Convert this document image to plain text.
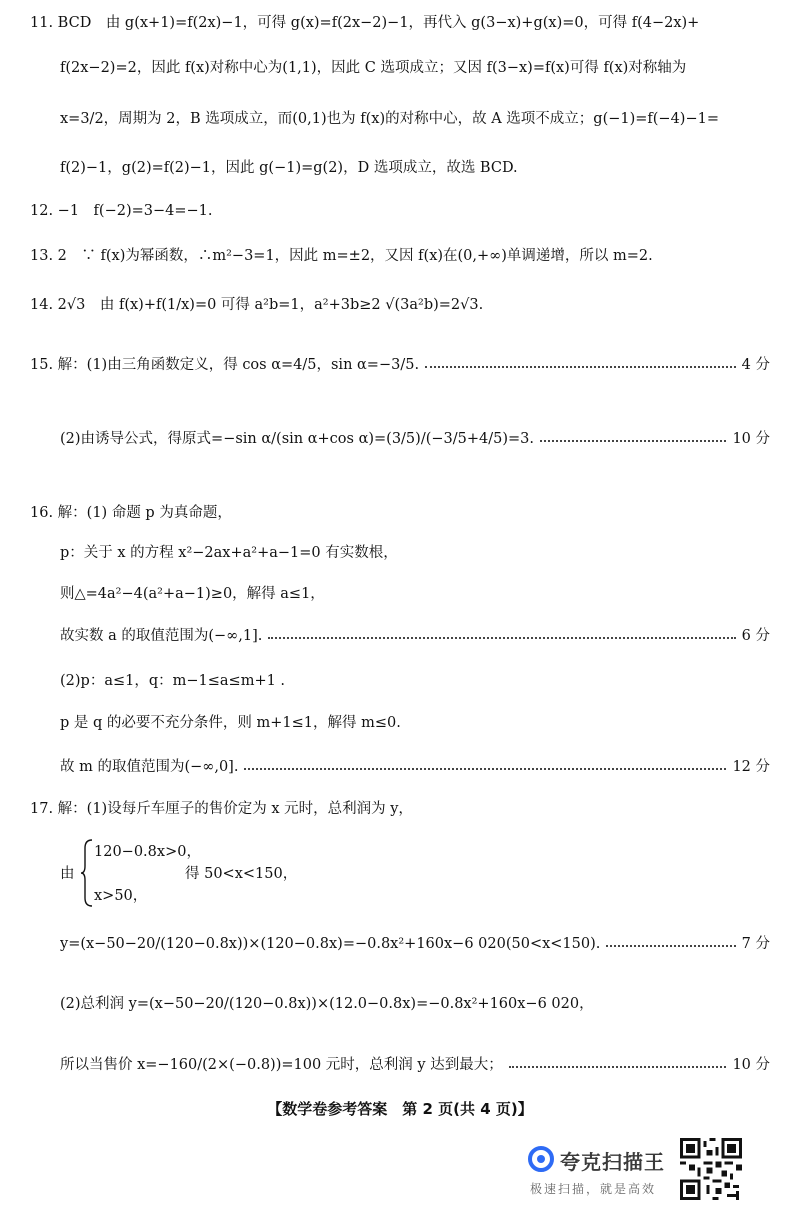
11. BCD　由 g(x+1)=f(2x)−1，可得 g(x)=f(2x−2)−1，再代入 g(3−x)+g(x)=0，可得 f(4−2x)+
f(2x−2)=2，因此 f(x)对称中心为(1,1)，因此 C 选项成立；又因 f(3−x)=f(x)可得 f(x)对称轴为
x=3/2，周期为 2，B 选项成立，而(0,1)也为 f(x)的对称中心，故 A 选项不成立；g(−1)=f(−4)−1=
f(2)−1，g(2)=f(2)−1，因此 g(−1)=g(2)，D 选项成立，故选 BCD.
12. −1　f(−2)=3−4=−1.
13. 2　∵ f(x)为幂函数，∴m²−3=1，因此 m=±2，又因 f(x)在(0,+∞)单调递增，所以 m=2.
14. 2√3　由 f(x)+f(1/x)=0 可得 a²b=1，a²+3b≥2 √(3a²b)=2√3.
15. 解：(1)由三角函数定义，得 cos α=4/5，sin α=−3/5.	4 分
(2)由诱导公式，得原式=−sin α/(sin α+cos α)=(3/5)/(−3/5+4/5)=3.	10 分
16. 解：(1) 命题 p 为真命题，
p：关于 x 的方程 x²−2ax+a²+a−1=0 有实数根，
则△=4a²−4(a²+a−1)≥0，解得 a≤1，
故实数 a 的取值范围为(−∞,1].	6 分
(2)p：a≤1，q：m−1≤a≤m+1 .
p 是 q 的必要不充分条件，则 m+1≤1，解得 m≤0.
故 m 的取值范围为(−∞,0].	12 分
17. 解：(1)设每斤车厘子的售价定为 x 元时，总利润为 y，
由
120−0.8x>0，
x>50，
得 50<x<150，
y=(x−50−20/(120−0.8x))×(120−0.8x)=−0.8x²+160x−6 020(50<x<150).	7 分
(2)总利润 y=(x−50−20/(120−0.8x))×(12.0−0.8x)=−0.8x²+160x−6 020，
所以当售价 x=−160/(2×(−0.8))=100 元时，总利润 y 达到最大；	10 分
【数学卷参考答案　第 2 页(共 4 页)】
夸克扫描王
极速扫描，就是高效
